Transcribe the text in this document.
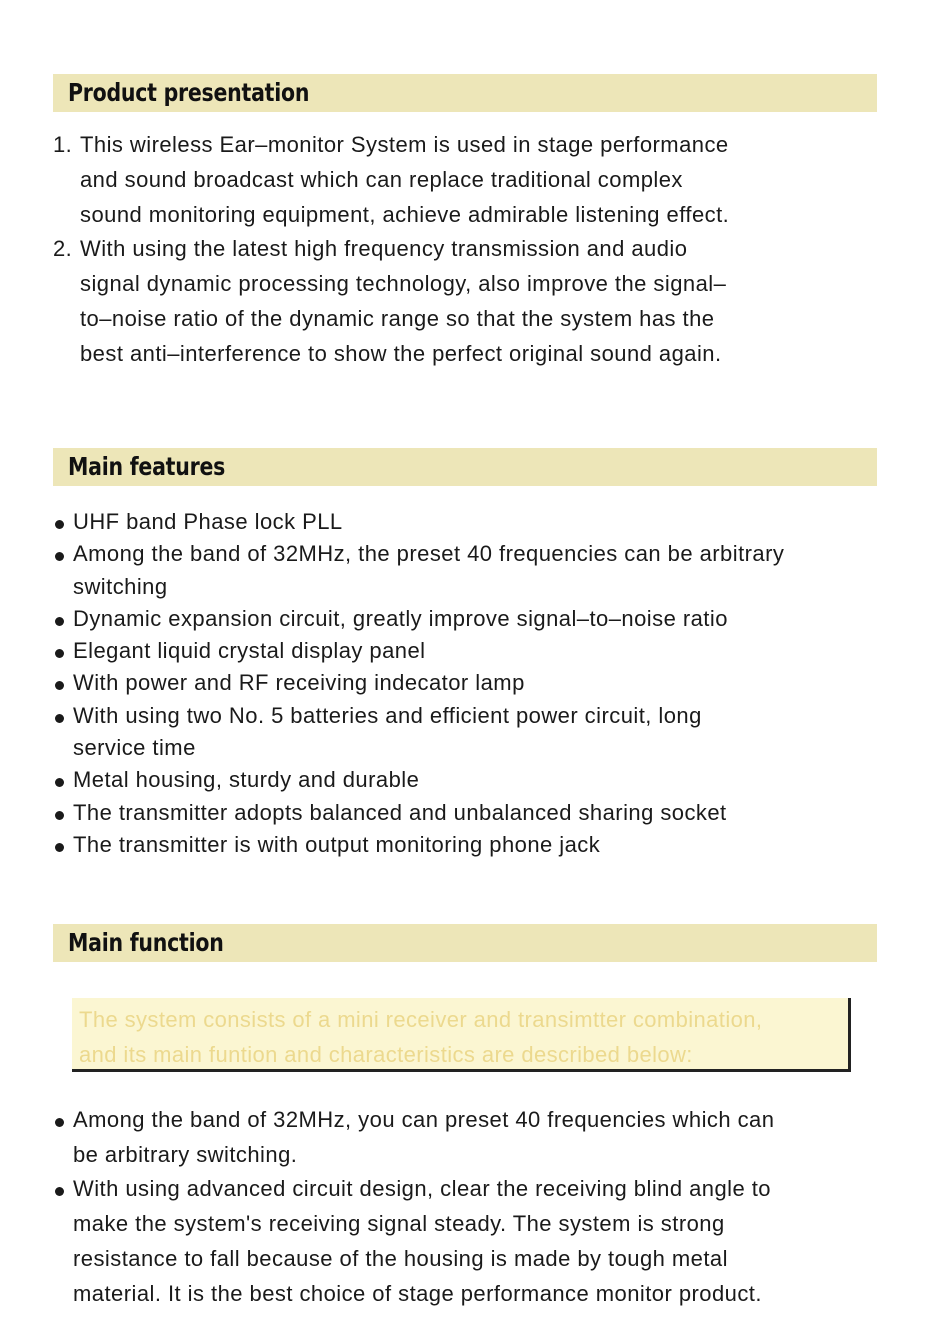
Product presentation
1. This wireless Ear–monitor System is used in stage performance
and sound broadcast which can replace traditional complex
sound monitoring equipment, achieve admirable listening effect.
2. With using the latest high frequency transmission and audio
signal dynamic processing technology, also improve the signal–
to–noise ratio of the dynamic range so that the system has the
best anti–interference to show the perfect original sound again.
Main features
UHF band Phase lock PLL
Among the band of 32MHz, the preset 40 frequencies can be arbitrary
switching
Dynamic expansion circuit, greatly improve signal–to–noise ratio
Elegant liquid crystal display panel
With power and RF receiving indecator lamp
With using two No. 5 batteries and efficient power circuit, long
service time
Metal housing, sturdy and durable
The transmitter adopts balanced and unbalanced sharing socket
The transmitter is with output monitoring phone jack
Main function
The system consists of a mini receiver and transimtter combination,
and its main funtion and characteristics are described below:
Among the band of 32MHz, you can preset 40 frequencies which can
be arbitrary switching.
With using advanced circuit design, clear the receiving blind angle to
make the system's receiving signal steady. The system is strong
resistance to fall because of the housing is made by tough metal
material. It is the best choice of stage performance monitor product.
